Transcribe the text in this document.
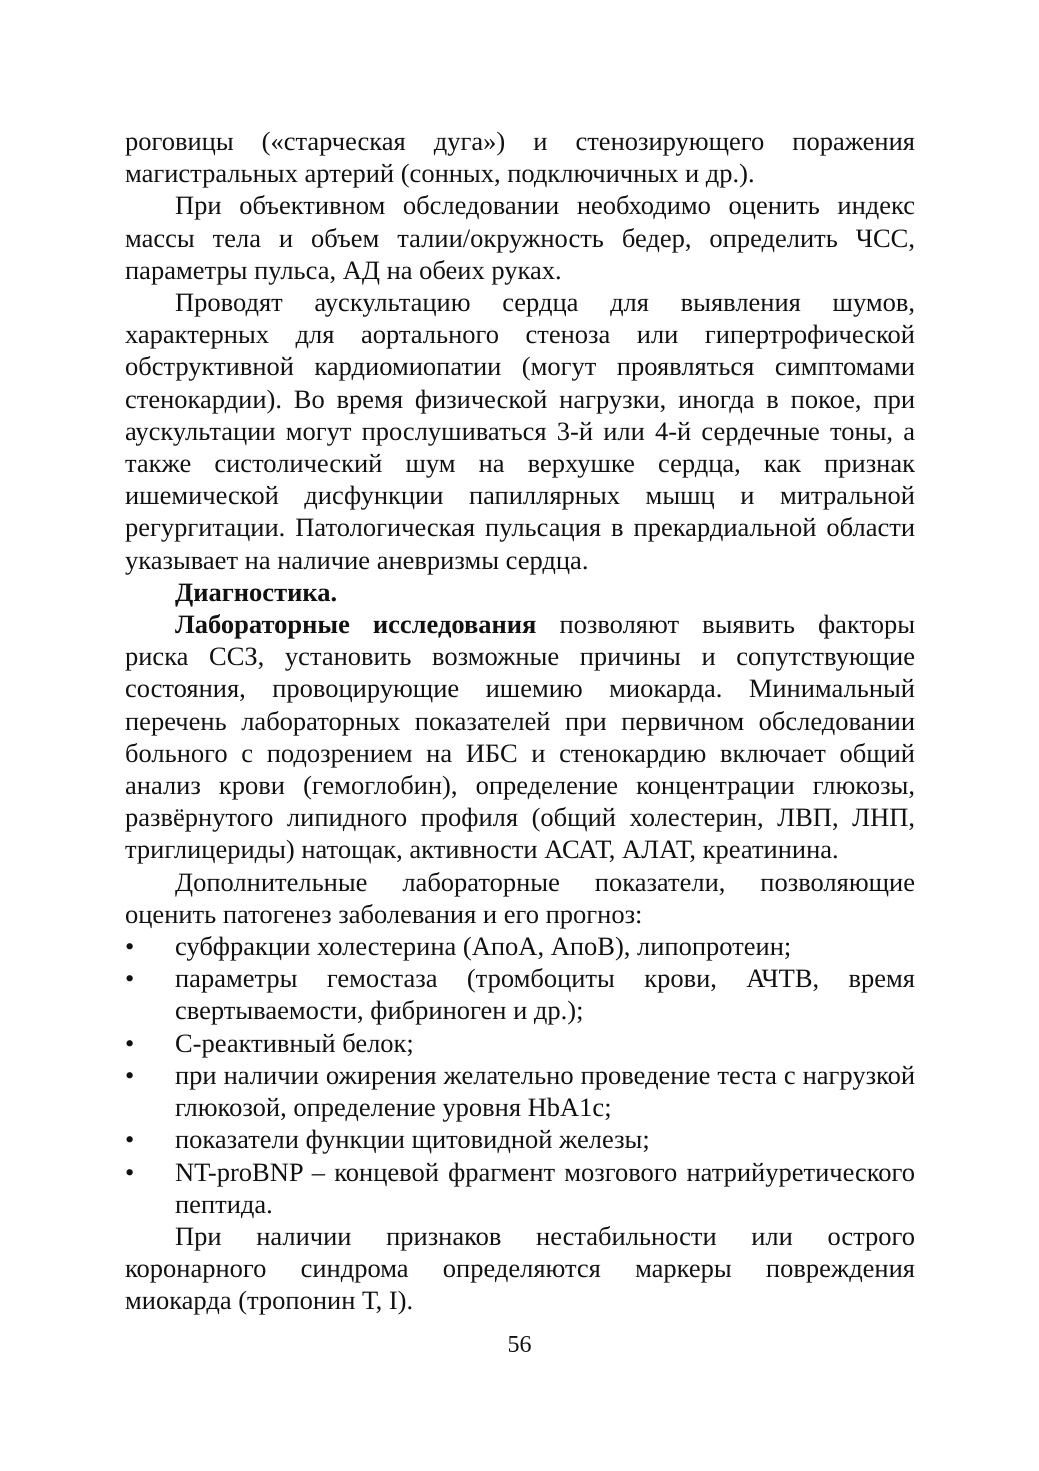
роговицы («старческая дуга») и стенозирующего поражения магистральных артерий (сонных, подключичных и др.).

При объективном обследовании необходимо оценить индекс массы тела и объем талии/окружность бедер, определить ЧСС, параметры пульса, АД на обеих руках.

Проводят аускультацию сердца для выявления шумов, характерных для аортального стеноза или гипертрофической обструктивной кардиомиопатии (могут проявляться симптомами стенокардии). Во время физической нагрузки, иногда в покое, при аускультации могут прослушиваться 3-й или 4-й сердечные тоны, а также систолический шум на верхушке сердца, как признак ишемической дисфункции папиллярных мышц и митральной регургитации. Патологическая пульсация в прекардиальной области указывает на наличие аневризмы сердца.

Диагностика.

Лабораторные исследования позволяют выявить факторы риска ССЗ, установить возможные причины и сопутствующие состояния, провоцирующие ишемию миокарда. Минимальный перечень лабораторных показателей при первичном обследовании больного с подозрением на ИБС и стенокардию включает общий анализ крови (гемоглобин), определение концентрации глюкозы, развёрнутого липидного профиля (общий холестерин, ЛВП, ЛНП, триглицериды) натощак, активности АСАТ, АЛАТ, креатинина.

Дополнительные лабораторные показатели, позволяющие оценить патогенез заболевания и его прогноз:

• субфракции холестерина (АпоА, АпоВ), липопротеин;
• параметры гемостаза (тромбоциты крови, АЧТВ, время свертываемости, фибриноген и др.);
• С-реактивный белок;
• при наличии ожирения желательно проведение теста с нагрузкой глюкозой, определение уровня HbA1c;
• показатели функции щитовидной железы;
• NT-proBNP – концевой фрагмент мозгового натрийуретического пептида.

При наличии признаков нестабильности или острого коронарного синдрома определяются маркеры повреждения миокарда (тропонин Т, I).

56
